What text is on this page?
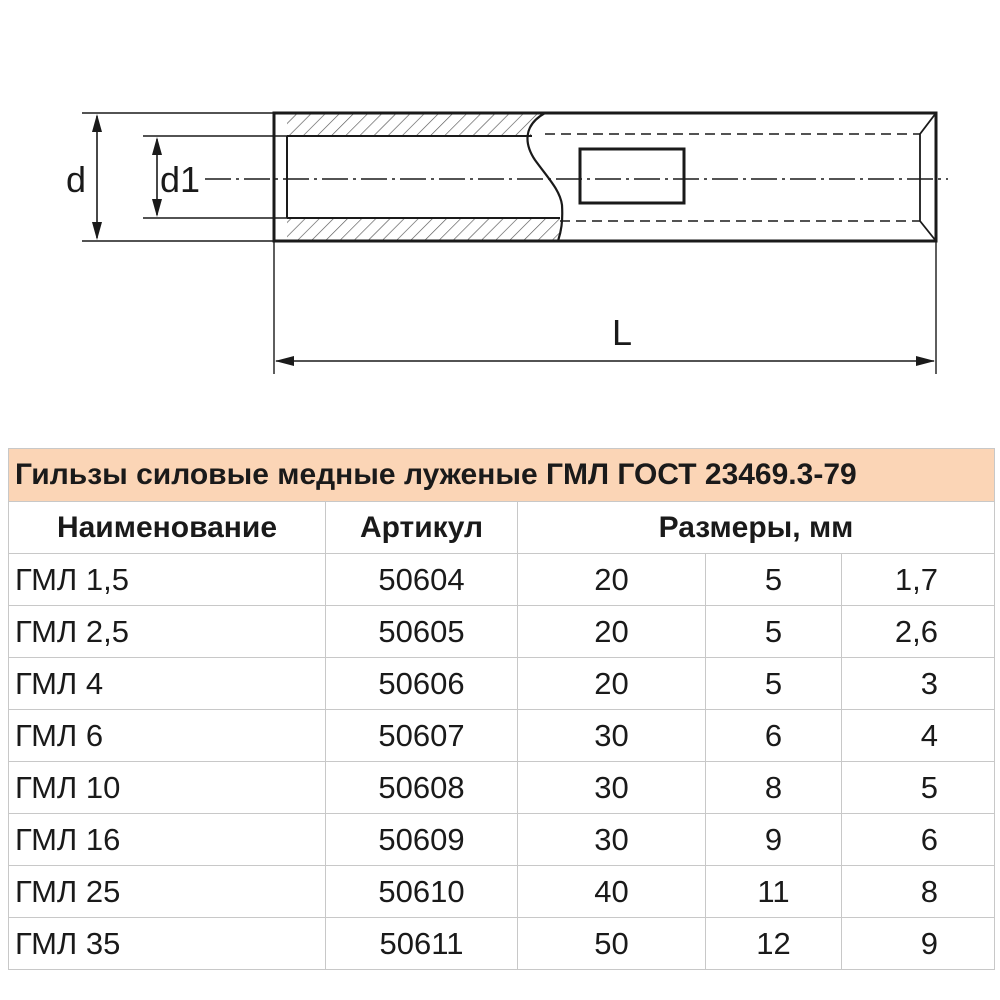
d d1
L
Гильзы силовые медные луженые ГМЛ ГОСТ 23469.3-79				
Наименование	Артикул	Размеры, мм		
ГМЛ 1,5	50604	20	5	1,7
ГМЛ 2,5	50605	20	5	2,6
ГМЛ 4	50606	20	5	3
ГМЛ 6	50607	30	6	4
ГМЛ 10	50608	30	8	5
ГМЛ 16	50609	30	9	6
ГМЛ 25	50610	40	11	8
ГМЛ 35	50611	50	12	9
